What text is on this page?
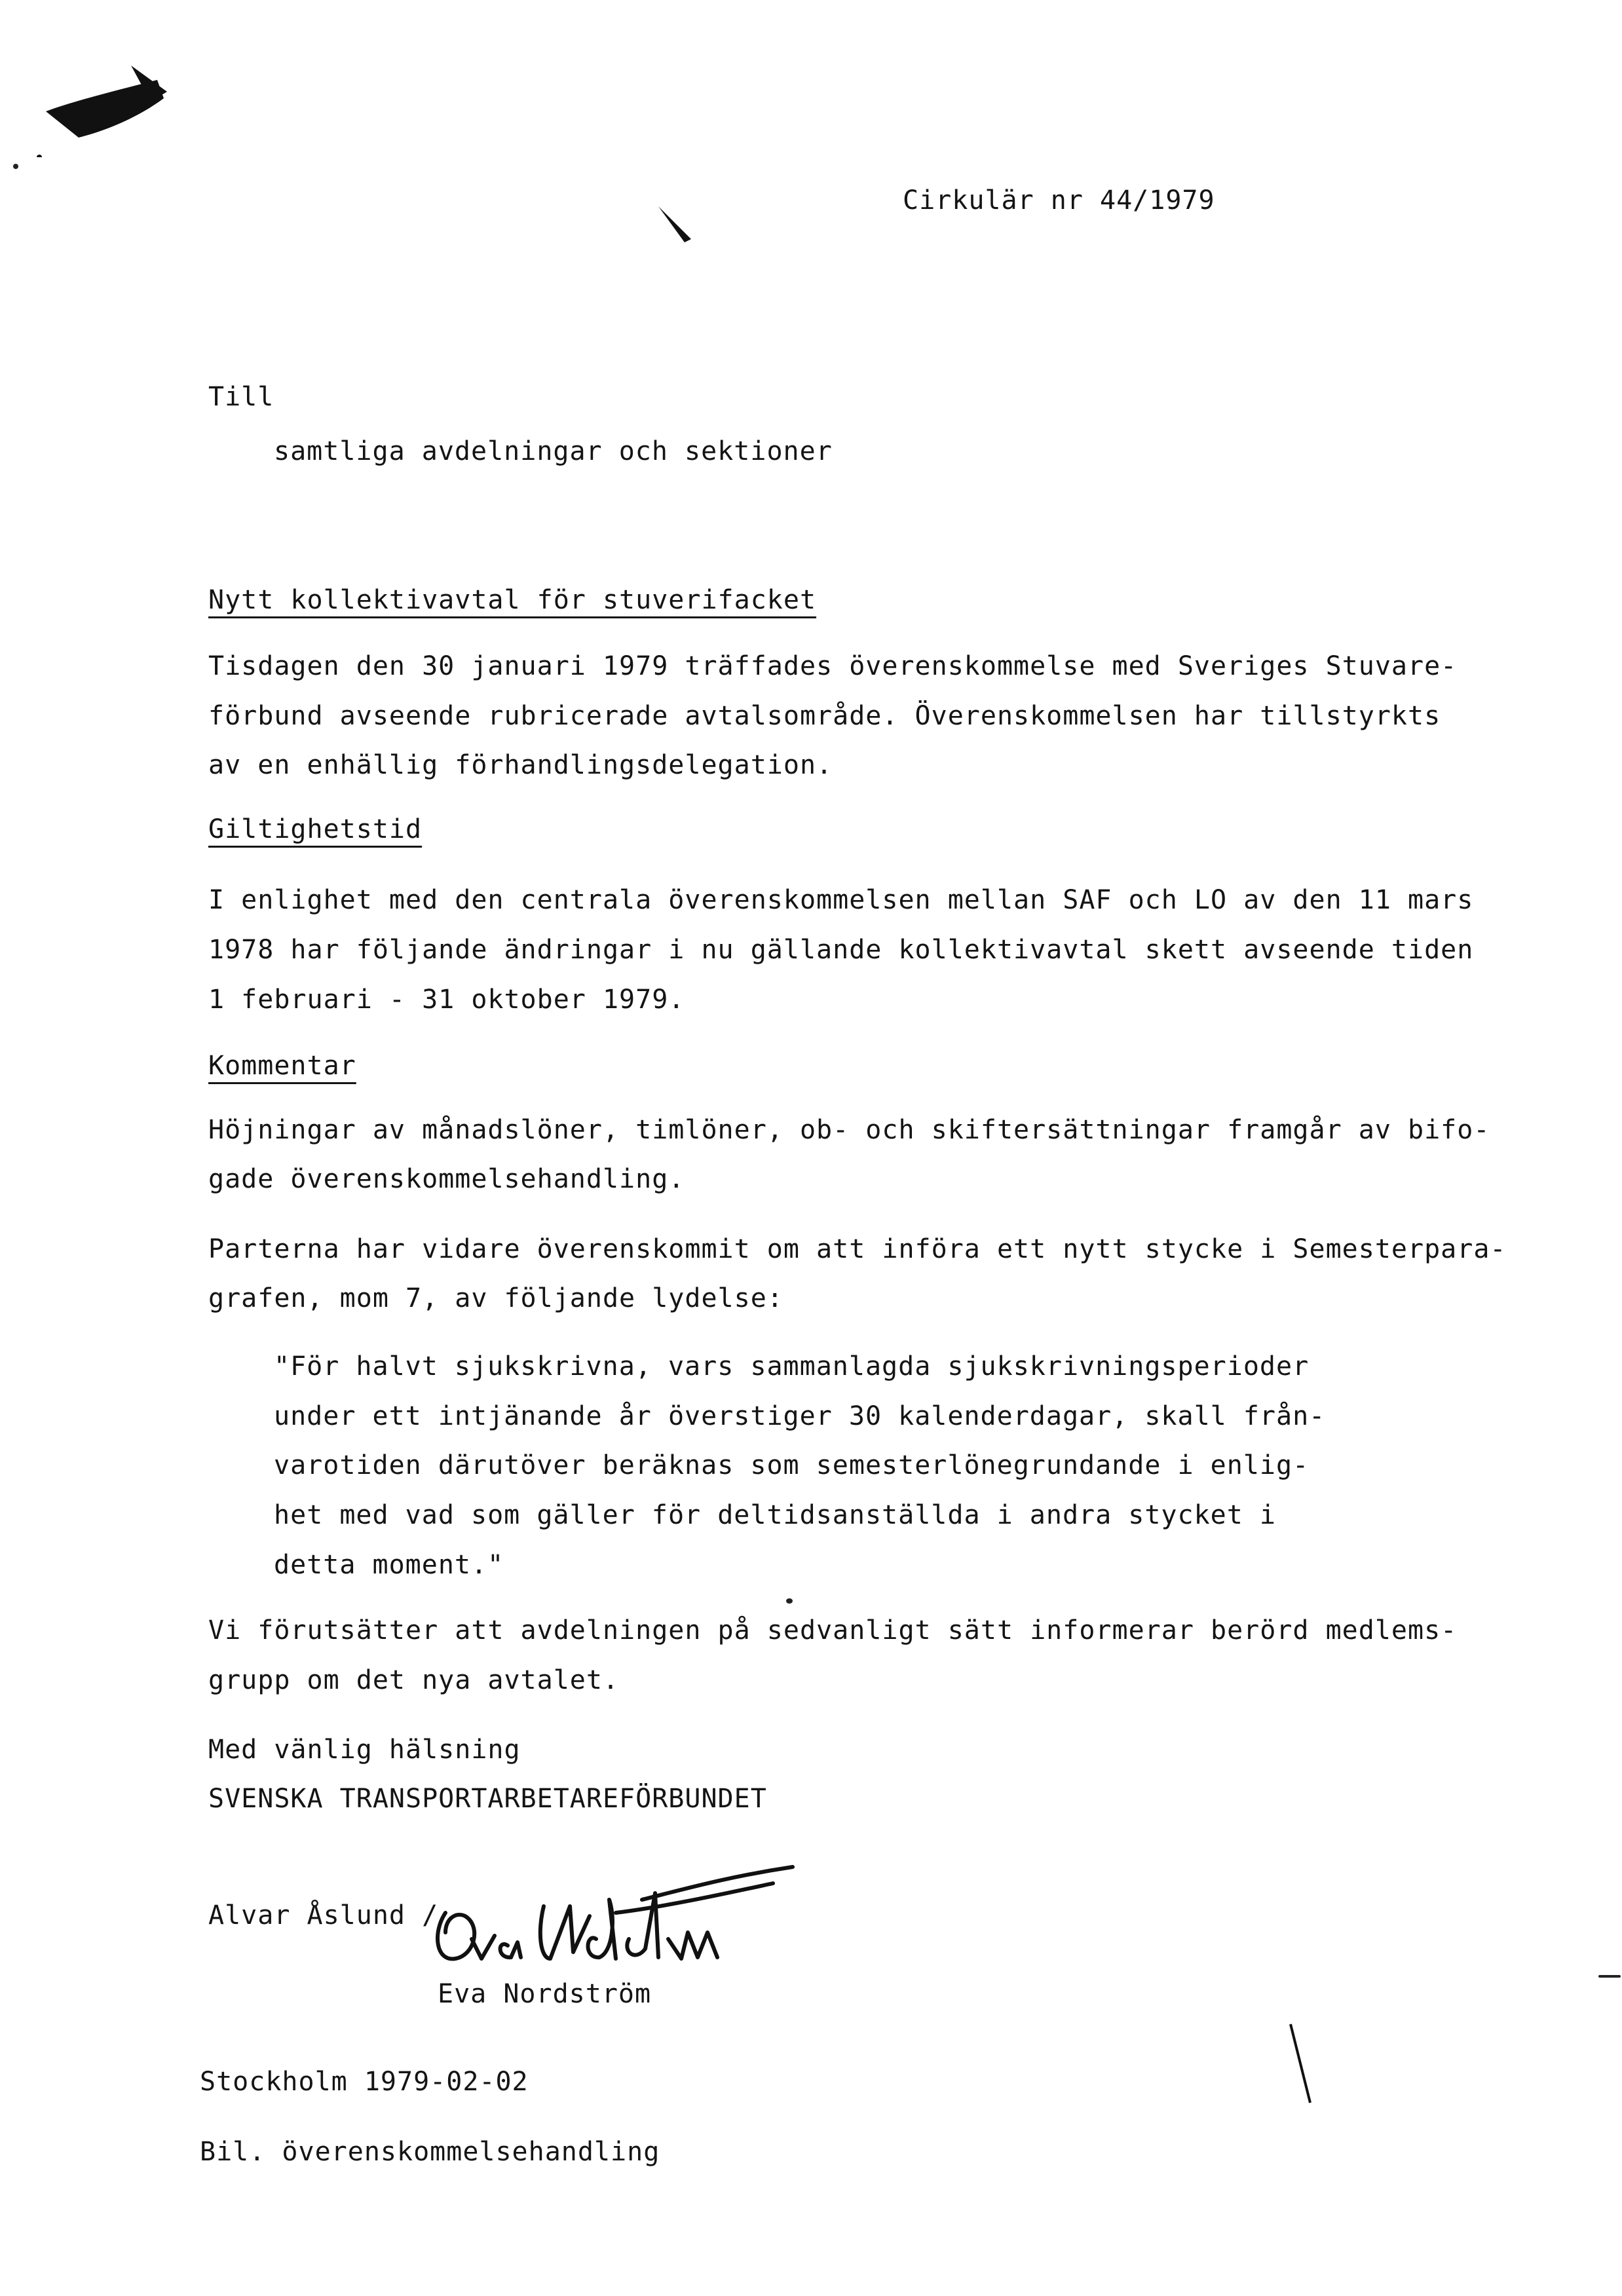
Cirkulär nr 44/1979
Till
samtliga avdelningar och sektioner
Nytt kollektivavtal för stuverifacket
Tisdagen den 30 januari 1979 träffades överenskommelse med Sveriges Stuvare-
förbund avseende rubricerade avtalsområde. Överenskommelsen har tillstyrkts
av en enhällig förhandlingsdelegation.
Giltighetstid
I enlighet med den centrala överenskommelsen mellan SAF och LO av den 11 mars
1978 har följande ändringar i nu gällande kollektivavtal skett avseende tiden
1 februari - 31 oktober 1979.
Kommentar
Höjningar av månadslöner, timlöner, ob- och skiftersättningar framgår av bifo-
gade överenskommelsehandling.
Parterna har vidare överenskommit om att införa ett nytt stycke i Semesterpara-
grafen, mom 7, av följande lydelse:
"För halvt sjukskrivna, vars sammanlagda sjukskrivningsperioder
under ett intjänande år överstiger 30 kalenderdagar, skall från-
varotiden därutöver beräknas som semesterlönegrundande i enlig-
het med vad som gäller för deltidsanställda i andra stycket i
detta moment."
Vi förutsätter att avdelningen på sedvanligt sätt informerar berörd medlems-
grupp om det nya avtalet.
Med vänlig hälsning
SVENSKA TRANSPORTARBETAREFÖRBUNDET
Alvar Åslund /
Eva Nordström
Stockholm 1979-02-02
Bil. överenskommelsehandling
